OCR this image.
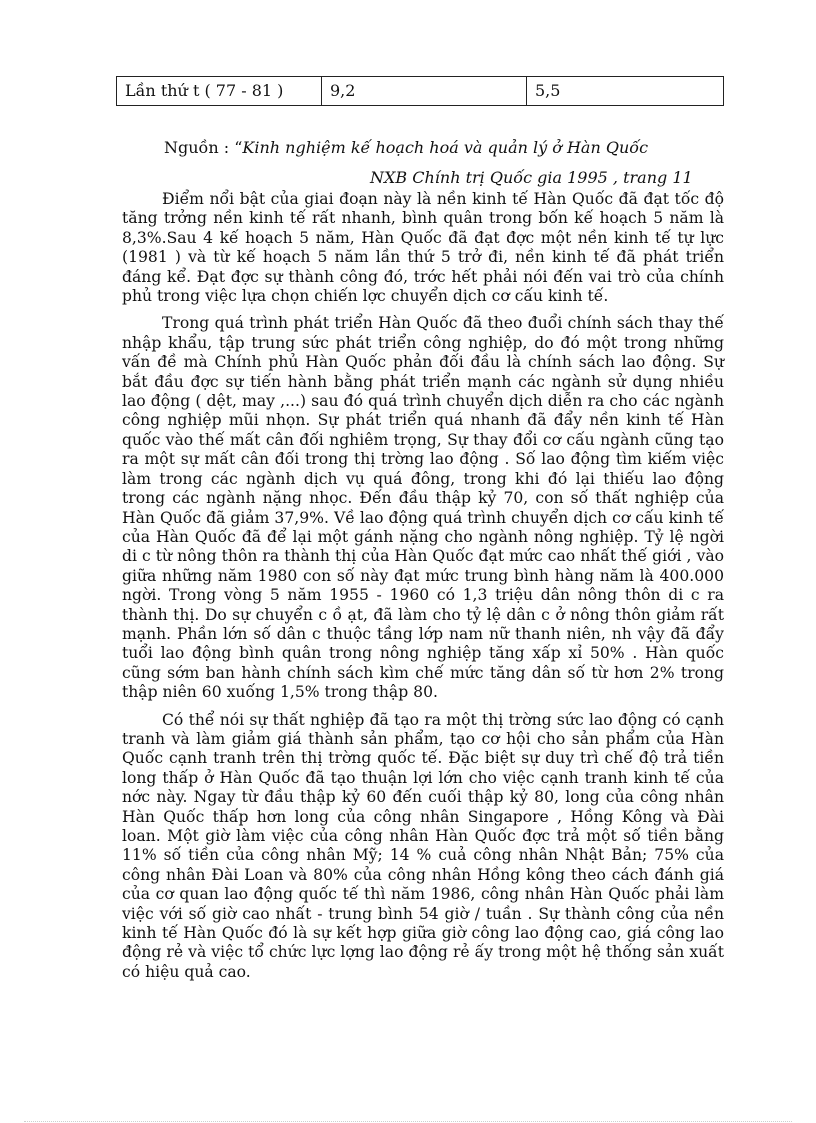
Lần thứ t ( 77 - 81 )	9,2	5,5
Nguồn : “Kinh nghiệm kế hoạch hoá và quản lý ở Hàn Quốc
NXB Chính trị Quốc gia 1995 , trang 11

Điểm nổi bật của giai đoạn này là nền kinh tế Hàn Quốc đã đạt tốc độ tăng trởng nền kinh tế rất nhanh, bình quân trong bốn kế hoạch 5 năm là 8,3%.Sau 4 kế hoạch 5 năm, Hàn Quốc đã đạt đợc một nền kinh tế tự lực (1981 ) và từ kế hoạch 5 năm lần thứ 5 trở đi, nền kinh tế đã phát triển đáng kể. Đạt đợc sự thành công đó, trớc hết phải nói đến vai trò của chính phủ trong việc lựa chọn chiến lợc chuyển dịch cơ cấu kinh tế.

Trong quá trình phát triển Hàn Quốc đã theo đuổi chính sách thay thế nhập khẩu, tập trung sức phát triển công nghiệp, do đó một trong những vấn đề mà Chính phủ Hàn Quốc phản đối đầu là chính sách lao động. Sự bắt đầu đợc sự tiến hành bằng phát triển mạnh các ngành sử dụng nhiều lao động ( dệt, may ,...) sau đó quá trình chuyển dịch diễn ra cho các ngành công nghiệp mũi nhọn. Sự phát triển quá nhanh đã đẩy nền kinh tế Hàn quốc vào thế mất cân đối nghiêm trọng, Sự thay đổi cơ cấu ngành cũng tạo ra một sự mất cân đối trong thị trờng lao động . Số lao động tìm kiếm việc làm trong các ngành dịch vụ quá đông, trong khi đó lại thiếu lao động trong các ngành nặng nhọc. Đến đầu thập kỷ 70, con số thất nghiệp của Hàn Quốc đã giảm 37,9%. Về lao động quá trình chuyển dịch cơ cấu kinh tế của Hàn Quốc đã để lại một gánh nặng cho ngành nông nghiệp. Tỷ lệ ngời di c từ nông thôn ra thành thị của Hàn Quốc đạt mức cao nhất thế giới , vào giữa những năm 1980 con số này đạt mức trung bình hàng năm là 400.000 ngời. Trong vòng 5 năm 1955 - 1960 có 1,3 triệu dân nông thôn di c ra thành thị. Do sự chuyển c ồ ạt, đã làm cho tỷ lệ dân c ở nông thôn giảm rất mạnh. Phần lớn số dân c thuộc tầng lớp nam nữ thanh niên, nh vậy đã đẩy tuổi lao động bình quân trong nông nghiệp tăng xấp xỉ 50% . Hàn quốc cũng sớm ban hành chính sách kìm chế mức tăng dân số từ hơn 2% trong thập niên 60 xuống 1,5% trong thập 80.

Có thể nói sự thất nghiệp đã tạo ra một thị trờng sức lao động có cạnh tranh và làm giảm giá thành sản phẩm, tạo cơ hội cho sản phẩm của Hàn Quốc cạnh tranh trên thị trờng quốc tế. Đặc biệt sự duy trì chế độ trả tiền long thấp ở Hàn Quốc đã tạo thuận lợi lớn cho việc cạnh tranh kinh tế của nớc này. Ngay từ đầu thập kỷ 60 đến cuối thập kỷ 80, long của công nhân Hàn Quốc thấp hơn long của công nhân Singapore , Hồng Kông và Đài loan. Một giờ làm việc của công nhân Hàn Quốc đợc trả một số tiền bằng 11% số tiền của công nhân Mỹ; 14 % cuả công nhân Nhật Bản; 75% của công nhân Đài Loan và 80% của công nhân Hồng kông theo cách đánh giá của cơ quan lao động quốc tế thì năm 1986, công nhân Hàn Quốc phải làm việc với số giờ cao nhất - trung bình 54 giờ / tuần . Sự thành công của nền kinh tế Hàn Quốc đó là sự kết hợp giữa giờ công lao động cao, giá công lao động rẻ và việc tổ chức lực lợng lao động rẻ ấy trong một hệ thống sản xuất có hiệu quả cao.
